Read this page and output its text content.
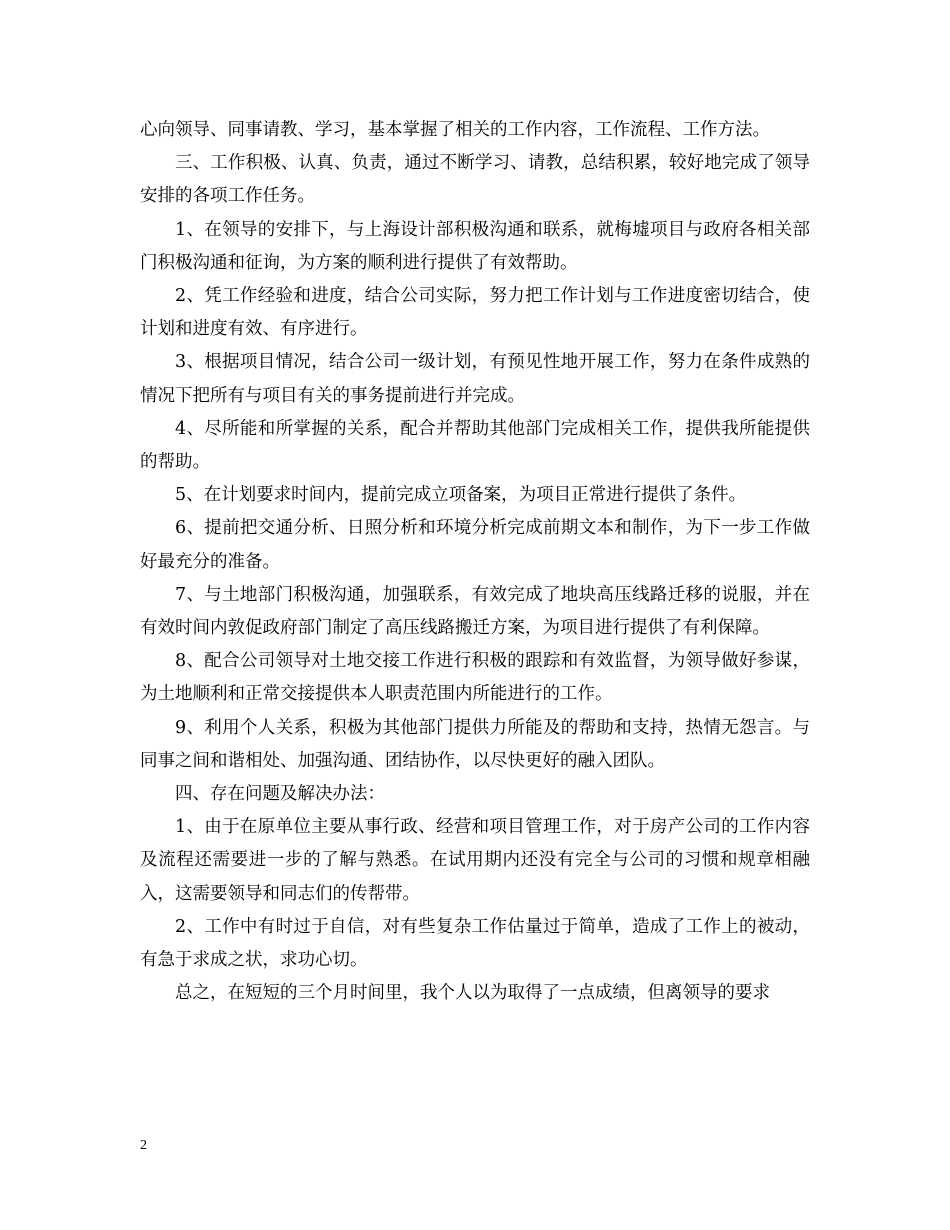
心向领导、同事请教、学习，基本掌握了相关的工作内容，工作流程、工作方法。

三、工作积极、认真、负责，通过不断学习、请教，总结积累，较好地完成了领导安排的各项工作任务。

1、在领导的安排下，与上海设计部积极沟通和联系，就梅墟项目与政府各相关部门积极沟通和征询，为方案的顺利进行提供了有效帮助。

2、凭工作经验和进度，结合公司实际，努力把工作计划与工作进度密切结合，使计划和进度有效、有序进行。

3、根据项目情况，结合公司一级计划，有预见性地开展工作，努力在条件成熟的情况下把所有与项目有关的事务提前进行并完成。

4、尽所能和所掌握的关系，配合并帮助其他部门完成相关工作，提供我所能提供的帮助。

5、在计划要求时间内，提前完成立项备案，为项目正常进行提供了条件。

6、提前把交通分析、日照分析和环境分析完成前期文本和制作，为下一步工作做好最充分的准备。

7、与土地部门积极沟通，加强联系，有效完成了地块高压线路迁移的说服，并在有效时间内敦促政府部门制定了高压线路搬迁方案，为项目进行提供了有利保障。

8、配合公司领导对土地交接工作进行积极的跟踪和有效监督，为领导做好参谋，为土地顺利和正常交接提供本人职责范围内所能进行的工作。

9、利用个人关系，积极为其他部门提供力所能及的帮助和支持，热情无怨言。与同事之间和谐相处、加强沟通、团结协作，以尽快更好的融入团队。

四、存在问题及解决办法：

1、由于在原单位主要从事行政、经营和项目管理工作，对于房产公司的工作内容及流程还需要进一步的了解与熟悉。在试用期内还没有完全与公司的习惯和规章相融入，这需要领导和同志们的传帮带。

2、工作中有时过于自信，对有些复杂工作估量过于简单，造成了工作上的被动，有急于求成之状，求功心切。

总之，在短短的三个月时间里，我个人以为取得了一点成绩，但离领导的要求

2
